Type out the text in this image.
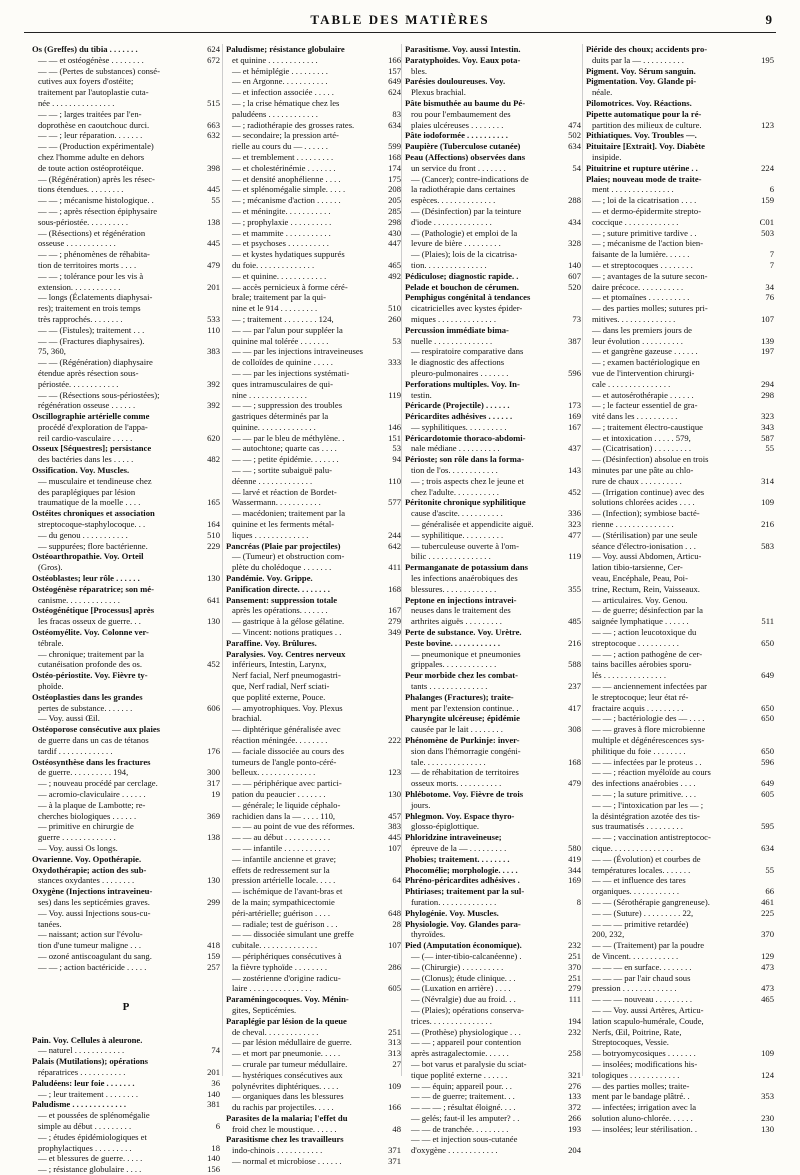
TABLE DES MATIÈRES	9
Os (Greffes) du tibia . . . . . . .	624
— — et ostéogénèse . . . . . . . .	672
— — (Pertes de substances) consé-
cutives aux foyers d'ostéite;
traitement par l'autoplastie cuta-
née . . . . . . . . . . . . . . .	515
— — ; larges traitées par l'en-
doprothèse en caoutchouc durci.	663
— — ; leur réparation. . . . . . .	632
— — (Production expérimentale)
chez l'homme adulte en dehors
de toute action ostéoprotéique.	398
— (Régénération) après les résec-
tions étendues. . . . . . . . .	445
— — ; mécanisme histologique. .	55
— — ; après résection épiphysaire
sous-périostée. . . . . . . . . .	138
— (Résections) et régénération
osseuse . . . . . . . . . . . .	445
— — ; phénomènes de réhabita-
tion de territoires morts . . . .	479
— — ; tolérance pour les vis à
extension. . . . . . . . . . . .	201
— longs (Éclatements diaphysai-
res); traitement en trois temps
très rapprochés. . . . . . . .	533
— — (Fistules); traitement . . .	110
— — (Fractures diaphysaires).
75, 360,	383
— — (Régénération) diaphysaire
étendue après résection sous-
périostée. . . . . . . . . . . .	392
— — (Résections sous-périostées);
régénération osseuse . . . . . .	392
Oscillographie artérielle comme
procédé d'exploration de l'appa-
reil cardio-vasculaire . . . . .	620
Osseux [Séquestres]; persistance
des bactéries dans les . . . . .	482
Ossification. Voy. Muscles.
— musculaire et tendineuse chez
des paraplégiques par lésion
traumatique de la moelle . . . .	165
Ostéites chroniques et association
streptocoque-staphylocoque. . .	164
— du genou . . . . . . . . . . .	510
— suppurées; flore bactérienne.	229
Ostéoarthropathie. Voy. Orteil
(Gros).
Ostéoblastes; leur rôle . . . . . .	130
Ostéogénèse réparatrice; son mé-
canisme. . . . . . . . . . . . .	641
Ostéogénétique [Processus] après
les fracas osseux de guerre. . .	130
Ostéomyélite. Voy. Colonne ver-
tébrale.
— chronique; traitement par la
cutanéisation profonde des os.	452
Ostéo-périostite. Voy. Fièvre ty-
phoïde.
Ostéoplasties dans les grandes
pertes de substance. . . . . . .	606
— Voy. aussi Œil.
Ostéoporose consécutive aux plaies
de guerre dans un cas de tétanos
tardif . . . . . . . . . . . . .	176
Ostéosynthèse dans les fractures
de guerre. . . . . . . . . . 194,	300
— ; nouveau procédé par cerclage.	317
— acromio-claviculaire . . . . . .	19
— à la plaque de Lambotte; re-
cherches biologiques . . . . . .	369
— primitive en chirurgie de
guerre . . . . . . . . . . . . .	138
— Voy. aussi Os longs.
Ovarienne. Voy. Opothérapie.
Oxydothérapie; action des sub-
stances oxydantes . . . . . . . .	130
Oxygène (Injections intraveineu-
ses) dans les septicémies graves.	299
— Voy. aussi Injections sous-cu-
tanées.
— naissant; action sur l'évolu-
tion d'une tumeur maligne . . .	418
— ozoné antiscoagulant du sang.	159
— — ; action bactéricide . . . . .	257
P
Pain. Voy. Cellules à aleurone.
— naturel . . . . . . . . . . . .	74
Palais (Mutilations); opérations
réparatrices . . . . . . . . . . .	201
Paludéens: leur foie . . . . . . .	36
— ; leur traitement . . . . . . . .	140
Paludisme . . . . . . . . . . . . .	381
— et poussées de splénomégalie
simple au début . . . . . . . . .	6
— ; études épidémiologiques et
prophylactiques . . . . . . . . .	18
— et blessures de guerre. . . . .	140
— ; résistance globulaire . . . .	156
Paludisme; résistance globulaire
et quinine . . . . . . . . . . . .	166
— et hémiplégie . . . . . . . . .	157
— en Argonne. . . . . . . . . . .	649
— et infection associée . . . . .	624
— ; la crise hématique chez les
paludéens . . . . . . . . . . . .	83
— ; radiothérapie des grosses rates.	634
— secondaire; la pression arté-
rielle au cours du — . . . . . .	599
— et tremblement . . . . . . . . .	168
— et cholestérinémie . . . . . . .	174
— et densité anophélienne . . . .	175
— et splénomégalie simple. . . . .	208
— ; mécanisme d'action . . . . . .	205
— et méningite. . . . . . . . . . .	285
— ; prophylaxie . . . . . . . . . .	298
— et mammite . . . . . . . . . . .	430
— et psychoses . . . . . . . . . .	447
— et kystes hydatiques suppurés
du foie. . . . . . . . . . . . . .	465
— et quinine. . . . . . . . . . . .	492
— accès pernicieux à forme céré-
brale; traitement par la qui-
nine et le 914 . . . . . . . . .	510
— ; traitement . . . . . . . . 124,	260
— — par l'alun pour suppléer la
quinine mal tolérée . . . . . . .	53
— — par les injections intraveineuses
de colloïdes de quinine . . . . .	333
— — par les injections systémati-
ques intramusculaires de qui-
nine . . . . . . . . . . . . . .	119
— — ; suppression des troubles
gastriques déterminés par la
quinine. . . . . . . . . . . . . .	146
— — par le bleu de méthylène. .	151
— autochtone; quarte cas . . . .	53
— — ; petite épidémie. . . . . . .	94
— — ; sortite subaiguë palu-
déenne . . . . . . . . . . . . .	110
— larvé et réaction de Bordet-
Wassermann. . . . . . . . . . .	577
— macédonien; traitement par la
quinine et les ferments métal-
liques . . . . . . . . . . . . .	244
Pancréas (Plaie par projectiles)	642
— (Tumeur) et obstruction com-
plète du cholédoque . . . . . . .	411
Pandémie. Voy. Grippe.
Panification directe. . . . . . . .	168
Pansement: suppression totale
après les opérations. . . . . . .	167
— gastrique à la gélose gélatine.	279
— Vincent: notions pratiques . .	349
Paraffine. Voy. Brûlures.
Paralysies. Voy. Centres nerveux
inférieurs, Intestin, Larynx,
Nerf facial, Nerf pneumogastri-
que, Nerf radial, Nerf sciati-
que poplité externe, Pouce.
— amyotrophiques. Voy. Plexus
brachial.
— diphtérique généralisée avec
réaction méningée. . . . . . . .	222
— faciale dissociée au cours des
tumeurs de l'angle ponto-céré-
belleux. . . . . . . . . . . . . .	123
— — périphérique avec partici-
pation du peaucier . . . . . . .	130
— générale; le liquide céphalo-
rachidien dans la — . . . . 110,	457
— — au point de vue des réformes.	383
— — au début . . . . . . . . . . .	445
— — infantile . . . . . . . . . . .	107
— infantile ancienne et grave;
effets de redressement sur la
pression artérielle locale. . . . .	64
— ischémique de l'avant-bras et
de la main; sympathicectomie
péri-artérielle; guérison . . . .	648
— radiale; test de guérison . . .	28
— — dissociée simulant une greffe
cubitale. . . . . . . . . . . . . .	107
— périphériques consécutives à
la fièvre typhoïde . . . . . . . .	286
— zostérienne d'origine radicu-
laire . . . . . . . . . . . . . . .	605
Paraméningocoques. Voy. Ménin-
gites, Septicémies.
Paraplégie par lésion de la queue
de cheval. . . . . . . . . . . . .	251
— par lésion médullaire de guerre.	313
— et mort par pneumonie. . . . .	313
— crurale par tumeur médullaire.	27
— hystériques consécutives aux
polynévrites diphtériques. . . . .	109
— organiques dans les blessures
du rachis par projectiles. . . . .	166
Parasites de la malaria; l'effet du
froid chez le moustique. . . . . .	48
Parasitisme chez les travailleurs
indo-chinois . . . . . . . . . . .	371
— normal et microbiose . . . . . .	371
Parasitisme. Voy. aussi Intestin.
Paratyphoïdes. Voy. Eaux pota-
bles.
Parésies douloureuses. Voy.
Plexus brachial.
Pâte bismuthée au baume du Pé-
rou pour l'embaumement des
plaies ulcéreuses . . . . . . . .	474
Pâte iodoformée . . . . . . . . . .	502
Paupière (Tuberculose cutanée)	634
Peau (Affections) observées dans
un service du front . . . . . . .	54
— (Cancer); contre-indications de
la radiothérapie dans certaines
espèces. . . . . . . . . . . . . .	288
— (Désinfection) par la teinture
d'iode . . . . . . . . . . . . . .	434
— (Pathologie) et emploi de la
levure de bière . . . . . . . . .	328
— (Plaies); lois de la cicatrisa-
tion. . . . . . . . . . . . . . .	140
Pédiculose; diagnostic rapide. .	607
Pelade et bouchon de cérumen.	520
Pemphigus congénital à tendances
cicatricielles avec kystes épider-
miques . . . . . . . . . . . . . .	73
Percussion immédiate bima-
nuelle . . . . . . . . . . . . . .	387
— respiratoire comparative dans
le diagnostic des affections
pleuro-pulmonaires . . . . . . .	596
Perforations multiples. Voy. In-
testin.
Péricarde (Projectile) . . . . . .	173
Péricardites adhésives . . . . . .	169
— syphilitiques. . . . . . . . . .	167
Péricardotomie thoraco-abdomi-
nale médiane . . . . . . . . . .	437
Périoste; son rôle dans la forma-
tion de l'os. . . . . . . . . . . .	143
— ; trois aspects chez le jeune et
chez l'adulte. . . . . . . . . . .	452
Péritonite chronique syphilitique
cause d'ascite. . . . . . . . . . .	336
— généralisée et appendicite aiguë.	323
— syphilitique. . . . . . . . . .	477
— tuberculeuse ouverte à l'om-
bilic . . . . . . . . . . . . . . .	119
Permanganate de potassium dans
les infections anaérobiques des
blessures. . . . . . . . . . . . .	355
Peptone en injections intravei-
neuses dans le traitement des
arthrites aiguës . . . . . . . . .	485
Perte de substance. Voy. Urètre.
Peste bovine. . . . . . . . . . . .	216
— pneumonique et pneumonies
grippales. . . . . . . . . . . . .	588
Peur morbide chez les combat-
tants . . . . . . . . . . . . . .	237
Phalanges (Fractures); traite-
ment par l'extension continue. .	417
Pharyngite ulcéreuse; épidémie
causée par le lait . . . . . . . .	308
Phénomène de Purkinje: inver-
sion dans l'hémorragie congéni-
tale. . . . . . . . . . . . . . .	168
— de réhabitation de territoires
osseux morts. . . . . . . . . . .	479
Phlébotome. Voy. Fièvre de trois
jours.
Phlegmon. Voy. Espace thyro-
glosso-épiglottique.
Phloridzine intraveineuse;
épreuve de la — . . . . . . . . .	580
Phobies; traitement. . . . . . . .	419
Phocomélie; morphologie. . . . .	344
Phréno-péricardites adhésives .	169
Phtiriases; traitement par la sul-
furation. . . . . . . . . . . . . .	8
Phylogénie. Voy. Muscles.
Physiologie. Voy. Glandes para-
thyroïdes.
Pied (Amputation économique).	232
— (— inter-tibio-calcanéenne) .	251
— (Chirurgie) . . . . . . . . . .	370
— (Clonus); étude clinique. . .	251
— (Luxation en arrière) . . . .	279
— (Névralgie) due au froid. . .	111
— (Plaies); opérations conserva-
trices. . . . . . . . . . . . . . .	194
— (Prothèse) physiologique . . .	232
— — ; appareil pour contention
après astragalectomie. . . . . .	258
— bot varus et paralysie du sciat-
tique poplité externe . . . . . .	321
— — équin; appareil pour. . .	276
— — de guerre; traitement. . .	133
— — — ; résultat éloigné. . . .	372
— gelés; faut-il les amputer? . .	266
— — de tranchée. . . . . . . . .	193
— — et injection sous-cutanée
d'oxygène . . . . . . . . . . . .	204
Piéride des choux; accidents pro-
duits par la — . . . . . . . . . .	195
Pigment. Voy. Sérum sanguin.
Pigmentation. Voy. Glande pi-
néale.
Pilomotrices. Voy. Réactions.
Pipette automatique pour la ré-
partition des milieux de culture.	123
Pithiatiques. Voy. Troubles —.
Pituitaire [Extrait]. Voy. Diabète
insipide.
Pituitrine et rupture utérine . .	224
Plaies; nouveau mode de traite-
ment . . . . . . . . . . . . . . .	6
— ; loi de la cicatrisation . . . .	159
— et dermo-épidermite strepto-
coccique . . . . . . . . . . . . .	C01
— ; suture primitive tardive . .	503
— ; mécanisme de l'action bien-
faisante de la lumière. . . . . .	7
— et streptocoques . . . . . . . .	7
— ; avantages de la suture secon-
daire précoce. . . . . . . . . . .	34
— et ptomaïnes . . . . . . . . . .	76
— des parties molles; sutures pri-
mitives. . . . . . . . . . . . . .	107
— dans les premiers jours de
leur évolution . . . . . . . . . .	139
— et gangrène gazeuse . . . . . .	197
— ; examen bactériologique en
vue de l'intervention chirurgi-
cale . . . . . . . . . . . . . . .	294
— et autosérothérapie . . . . . .	298
— ; le facteur essentiel de gra-
vité dans les . . . . . . . . . .	323
— ; traitement électro-caustique	343
— et intoxication . . . . . 579,	587
— (Cicatrisation) . . . . . . . . .	55
— (Désinfection) absolue en trois
minutes par une pâte au chlo-
rure de chaux . . . . . . . . . .	314
— (Irrigation continue) avec des
solutions chlorées acides . . . .	109
— (Infection); symbiose bacté-
rienne . . . . . . . . . . . . . .	216
— (Stérilisation) par une seule
séance d'électro-ionisation . . .	583
— Voy. aussi Abdomen, Articu-
lation tibio-tarsienne, Cer-
veau, Encéphale, Peau, Poi-
trine, Rectum, Rein, Vaisseaux.
— articulaires. Voy. Genou.
— de guerre; désinfection par la
saignée lymphatique . . . . . .	511
— — ; action leucotoxique du
streptocoque . . . . . . . . . .	650
— — ; action pathogène de cer-
tains bacilles aérobies sporu-
lés . . . . . . . . . . . . . . .	649
— — anciennement infectées par
le streptocoque; leur état ré-
fractaire acquis . . . . . . . . .	650
— — ; bactériologie des — . . . .	650
— — graves à flore microbienne
multiple et dégénérescences sys-
philitique du foie . . . . . . . .	650
— — infectées par le proteus . .	596
— — ; réaction myéloïde au cours
des infections anaérobies . . . .	649
— — ; la suture primitive. . . .	605
— — ; l'intoxication par les — ;
la désintégration azotée des tis-
sus traumatisés . . . . . . . . .	595
— — ; vaccination antistreptococ-
cique. . . . . . . . . . . . . . .	634
— — (Évolution) et courbes de
températures locales. . . . . . .	55
— — et influence des tares
organiques. . . . . . . . . . . .	66
— — (Sérothérapie gangreneuse).	461
— — (Suture) . . . . . . . . . 22,	225
— — — primitive retardée)
200, 232,	370
— — (Traitement) par la poudre
de Vincent. . . . . . . . . . . .	129
— — — en surface. . . . . . . .	473
— — — par l'air chaud sous
pression . . . . . . . . . . . . .	473
— — — nouveau . . . . . . . . .	465
— — Voy. aussi Artères, Articu-
lation scapulo-humérale, Coude,
Nerfs, Œil, Poitrine, Rate,
Streptocoques, Vessie.
— botryomycosiques . . . . . . .	109
— insolées; modifications his-
tologiques . . . . . . . . . . . .	124
— des parties molles; traite-
ment par le bandage plâtré. .	353
— infectées; irrigation avec la
solution aluno-chlorée. . . . . .	230
— insolées; leur stérilisation. .	130
